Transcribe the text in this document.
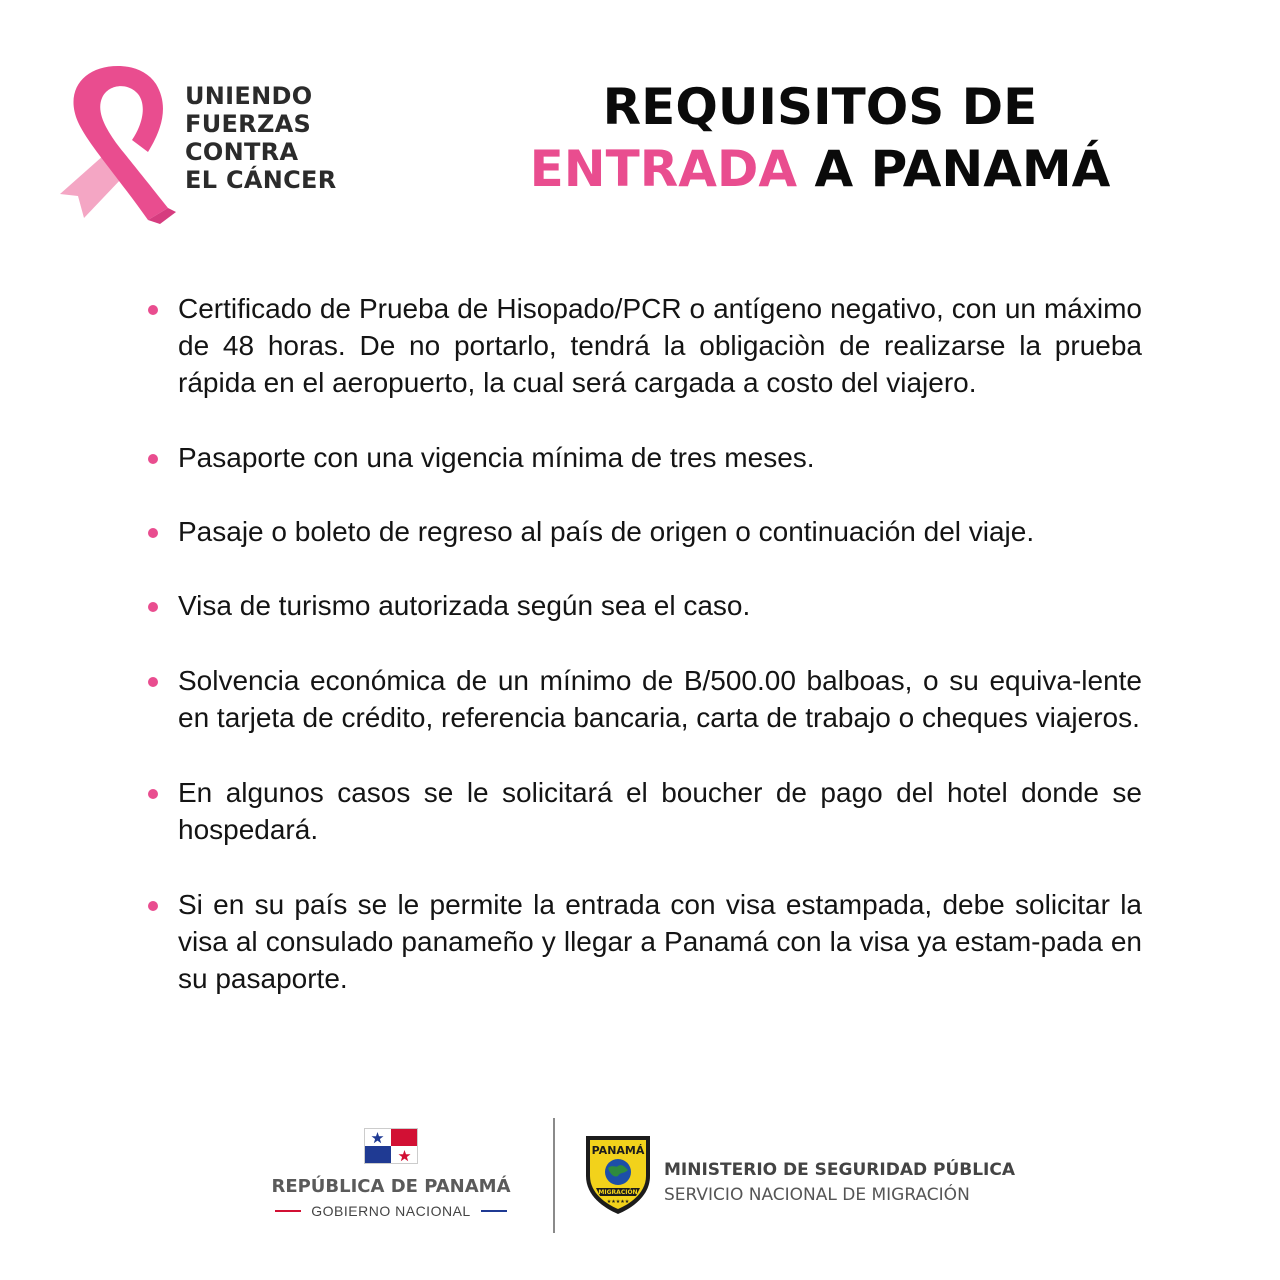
UNIENDO
FUERZAS
CONTRA
EL CÁNCER
REQUISITOS DE
ENTRADA A PANAMÁ
Certificado de Prueba de Hisopado/PCR o antígeno negativo, con un máximo de 48 horas. De no portarlo, tendrá la obligaciòn de realizarse la prueba rápida en el aeropuerto, la cual será cargada a costo del viajero.
Pasaporte con una vigencia mínima de tres meses.
Pasaje o boleto de regreso al país de origen o continuación del viaje.
Visa de turismo autorizada según sea el caso.
Solvencia económica de un mínimo de B/500.00 balboas, o su equiva-lente en tarjeta de crédito, referencia bancaria, carta de trabajo o cheques viajeros.
En algunos casos se le solicitará el boucher de pago del hotel donde se hospedará.
Si en su país se le permite la entrada con visa estampada, debe solicitar la visa al consulado panameño y llegar a Panamá con la visa ya estam-pada en su pasaporte.
REPÚBLICA DE PANAMÁ
GOBIERNO NACIONAL
PANAMÁ
MIGRACIÓN
★★★★★
MINISTERIO DE SEGURIDAD PÚBLICA
SERVICIO NACIONAL DE MIGRACIÓN
